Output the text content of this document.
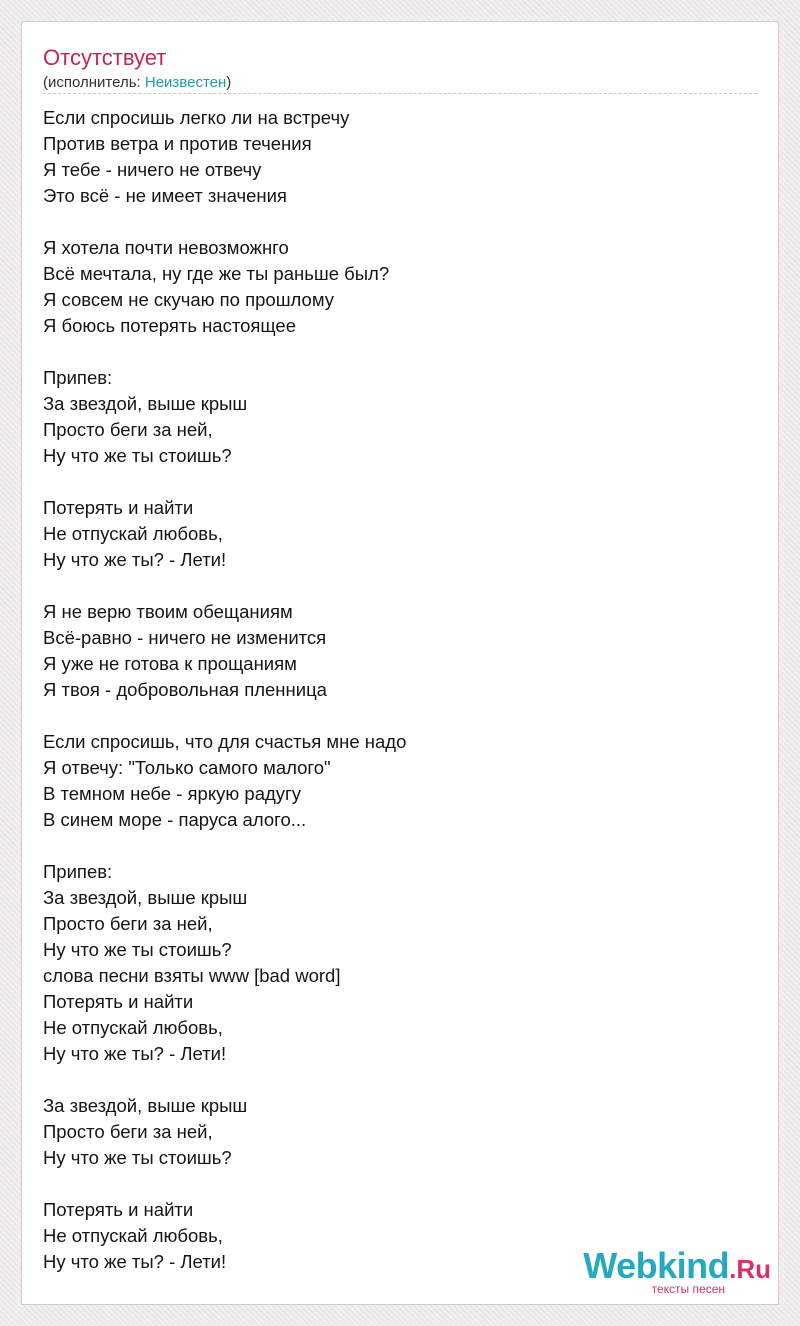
Отсутствует
(исполнитель: Неизвестен)
Если спросишь легко ли на встречу
Против ветра и против течения
Я тебе - ничего не отвечу
Это всё - не имеет значения
Я хотела почти невозможнго
Всё мечтала, ну где же ты раньше был?
Я совсем не скучаю по прошлому
Я боюсь потерять настоящее
Припев:
За звездой, выше крыш
Просто беги за ней,
Ну что же ты стоишь?
Потерять и найти
Не отпускай любовь,
Ну что же ты? - Лети!
Я не верю твоим обещаниям
Всё-равно - ничего не изменится
Я уже не готова к прощаниям
Я твоя - добровольная пленница
Если спросишь, что для счастья мне надо
Я отвечу: "Только самого малого"
В темном небе - яркую радугу
В синем море - паруса алого...
Припев:
За звездой, выше крыш
Просто беги за ней,
Ну что же ты стоишь?
слова песни взяты www [bad word]
Потерять и найти
Не отпускай любовь,
Ну что же ты? - Лети!
За звездой, выше крыш
Просто беги за ней,
Ну что же ты стоишь?
Потерять и найти
Не отпускай любовь,
Ну что же ты? - Лети!	Webkind.Ru
тексты песен
